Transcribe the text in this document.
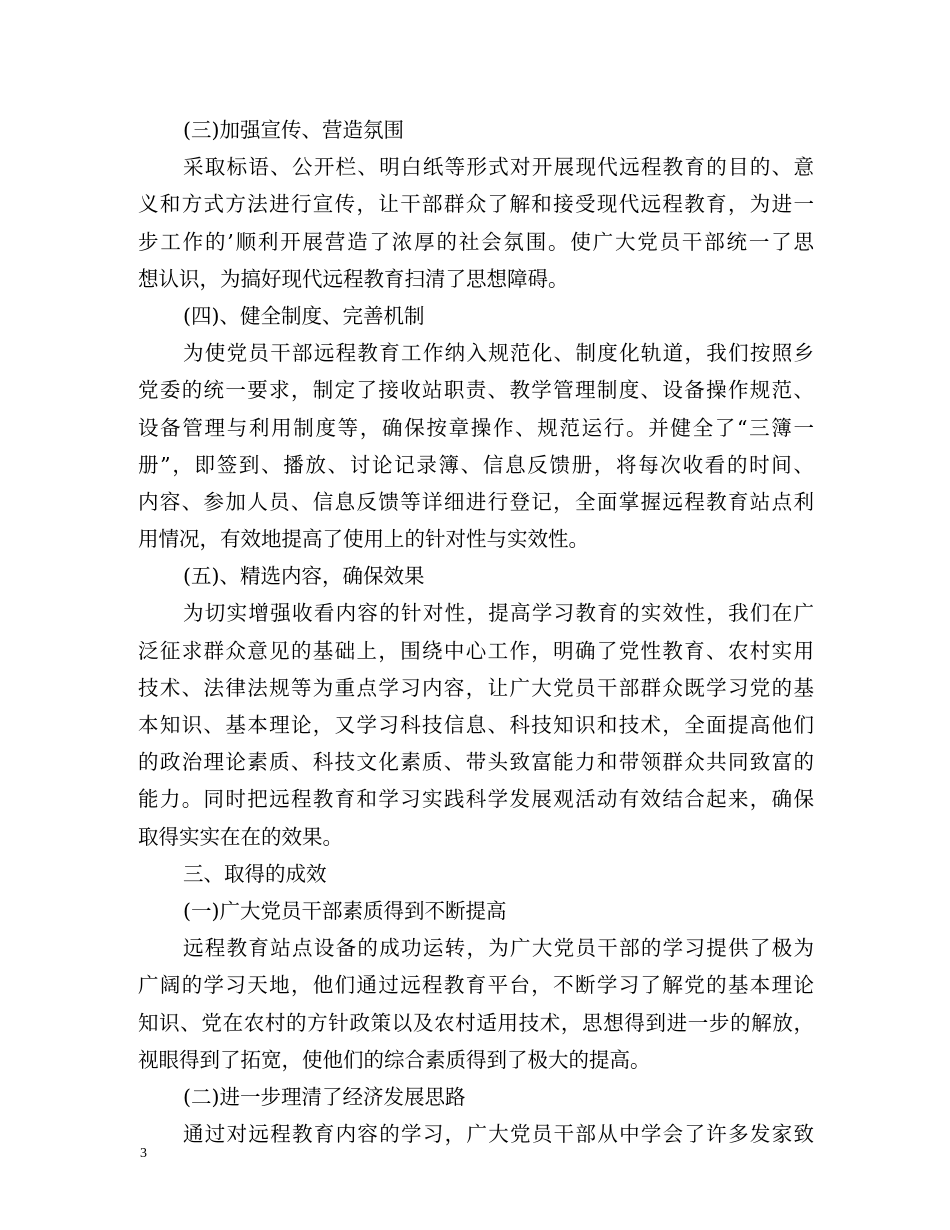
(三)加强宣传、营造氛围
采取标语、公开栏、明白纸等形式对开展现代远程教育的目的、意
义和方式方法进行宣传，让干部群众了解和接受现代远程教育，为进一
步工作的’顺利开展营造了浓厚的社会氛围。使广大党员干部统一了思
想认识，为搞好现代远程教育扫清了思想障碍。
(四)、健全制度、完善机制
为使党员干部远程教育工作纳入规范化、制度化轨道，我们按照乡
党委的统一要求，制定了接收站职责、教学管理制度、设备操作规范、
设备管理与利用制度等，确保按章操作、规范运行。并健全了“三簿一
册”，即签到、播放、讨论记录簿、信息反馈册，将每次收看的时间、
内容、参加人员、信息反馈等详细进行登记，全面掌握远程教育站点利
用情况，有效地提高了使用上的针对性与实效性。
(五)、精选内容，确保效果
为切实增强收看内容的针对性，提高学习教育的实效性，我们在广
泛征求群众意见的基础上，围绕中心工作，明确了党性教育、农村实用
技术、法律法规等为重点学习内容，让广大党员干部群众既学习党的基
本知识、基本理论，又学习科技信息、科技知识和技术，全面提高他们
的政治理论素质、科技文化素质、带头致富能力和带领群众共同致富的
能力。同时把远程教育和学习实践科学发展观活动有效结合起来，确保
取得实实在在的效果。
三、取得的成效
(一)广大党员干部素质得到不断提高
远程教育站点设备的成功运转，为广大党员干部的学习提供了极为
广阔的学习天地，他们通过远程教育平台，不断学习了解党的基本理论
知识、党在农村的方针政策以及农村适用技术，思想得到进一步的解放，
视眼得到了拓宽，使他们的综合素质得到了极大的提高。
(二)进一步理清了经济发展思路
通过对远程教育内容的学习，广大党员干部从中学会了许多发家致
3
